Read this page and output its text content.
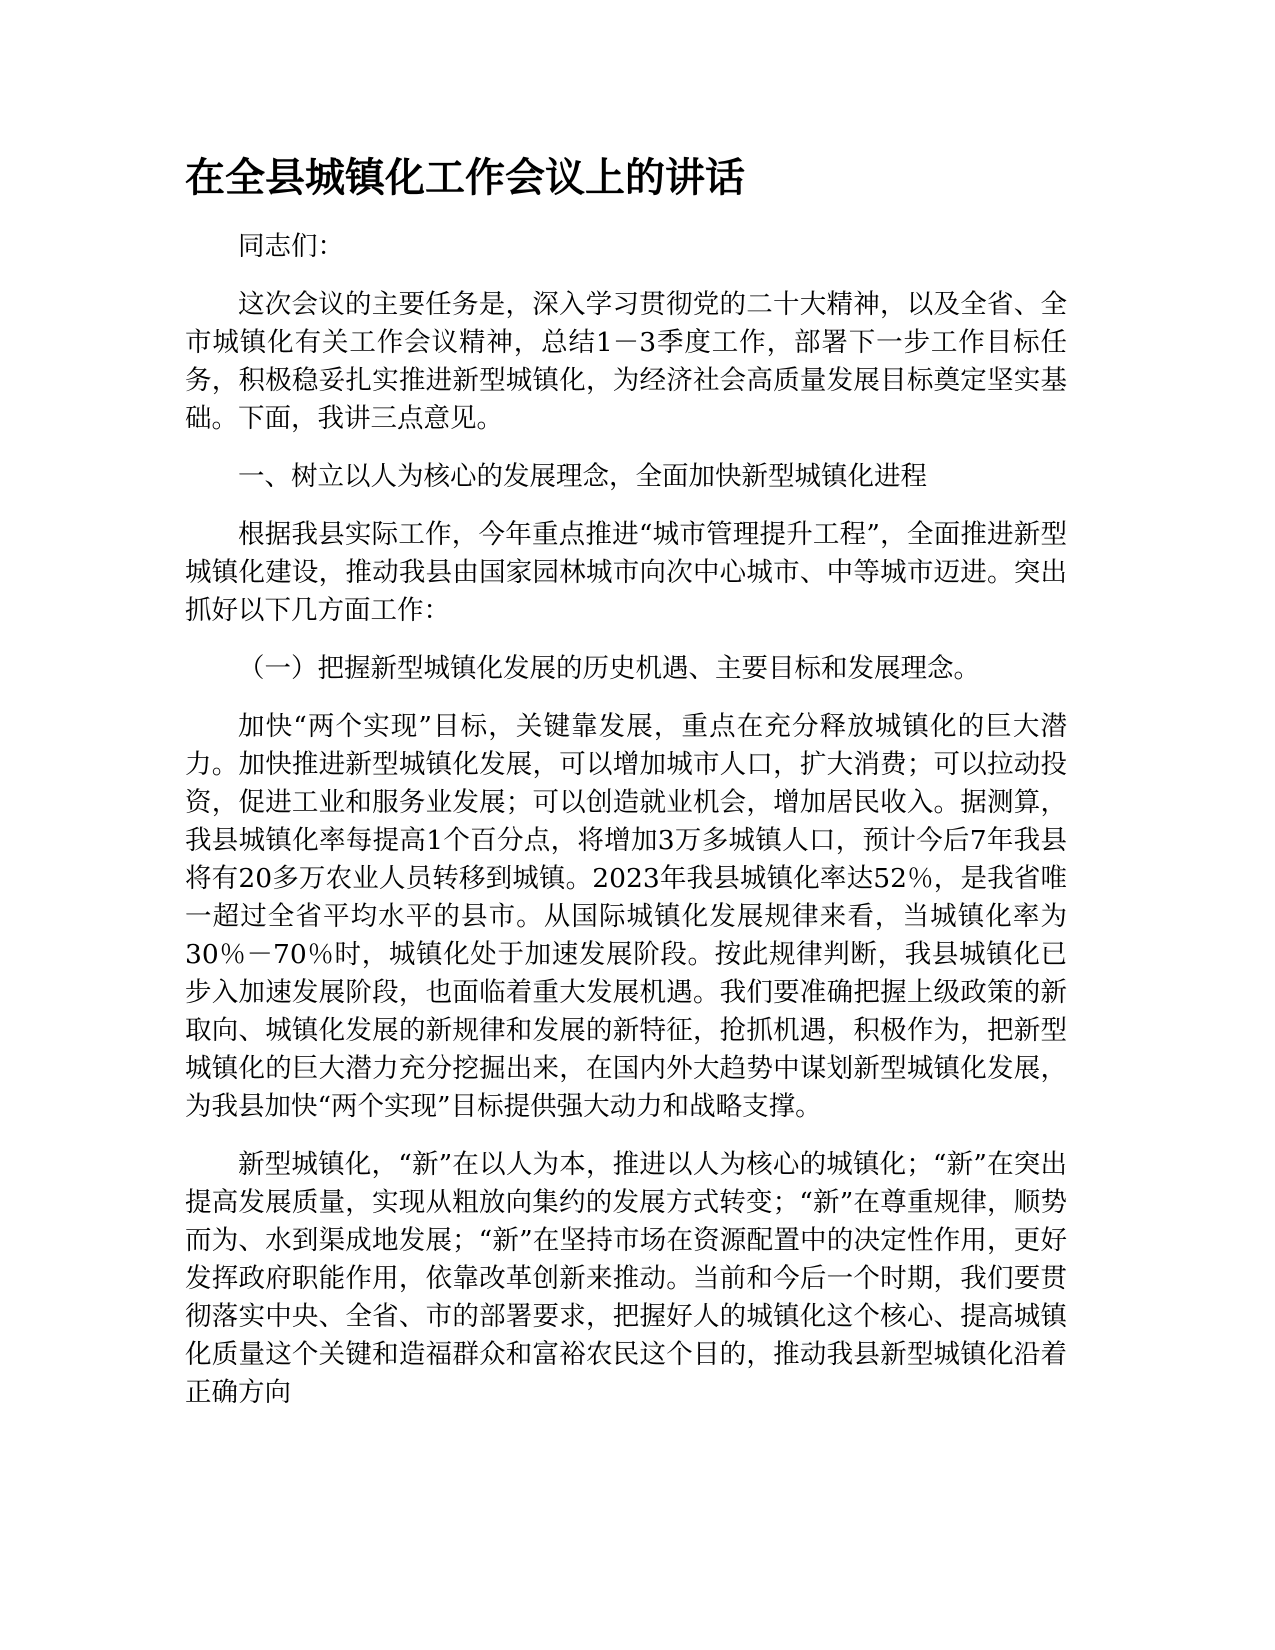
在全县城镇化工作会议上的讲话

同志们：

这次会议的主要任务是，深入学习贯彻党的二十大精神，以及全省、全市城镇化有关工作会议精神，总结1－3季度工作，部署下一步工作目标任务，积极稳妥扎实推进新型城镇化，为经济社会高质量发展目标奠定坚实基础。下面，我讲三点意见。

一、树立以人为核心的发展理念，全面加快新型城镇化进程

根据我县实际工作，今年重点推进“城市管理提升工程”，全面推进新型城镇化建设，推动我县由国家园林城市向次中心城市、中等城市迈进。突出抓好以下几方面工作：

（一）把握新型城镇化发展的历史机遇、主要目标和发展理念。

加快“两个实现”目标，关键靠发展，重点在充分释放城镇化的巨大潜力。加快推进新型城镇化发展，可以增加城市人口，扩大消费；可以拉动投资，促进工业和服务业发展；可以创造就业机会，增加居民收入。据测算，我县城镇化率每提高1个百分点，将增加3万多城镇人口，预计今后7年我县将有20多万农业人员转移到城镇。2023年我县城镇化率达52％，是我省唯一超过全省平均水平的县市。从国际城镇化发展规律来看，当城镇化率为30％－70％时，城镇化处于加速发展阶段。按此规律判断，我县城镇化已步入加速发展阶段，也面临着重大发展机遇。我们要准确把握上级政策的新取向、城镇化发展的新规律和发展的新特征，抢抓机遇，积极作为，把新型城镇化的巨大潜力充分挖掘出来，在国内外大趋势中谋划新型城镇化发展，为我县加快“两个实现”目标提供强大动力和战略支撑。

新型城镇化，“新”在以人为本，推进以人为核心的城镇化；“新”在突出提高发展质量，实现从粗放向集约的发展方式转变；“新”在尊重规律，顺势而为、水到渠成地发展；“新”在坚持市场在资源配置中的决定性作用，更好发挥政府职能作用，依靠改革创新来推动。当前和今后一个时期，我们要贯彻落实中央、全省、市的部署要求，把握好人的城镇化这个核心、提高城镇化质量这个关键和造福群众和富裕农民这个目的，推动我县新型城镇化沿着正确方向
